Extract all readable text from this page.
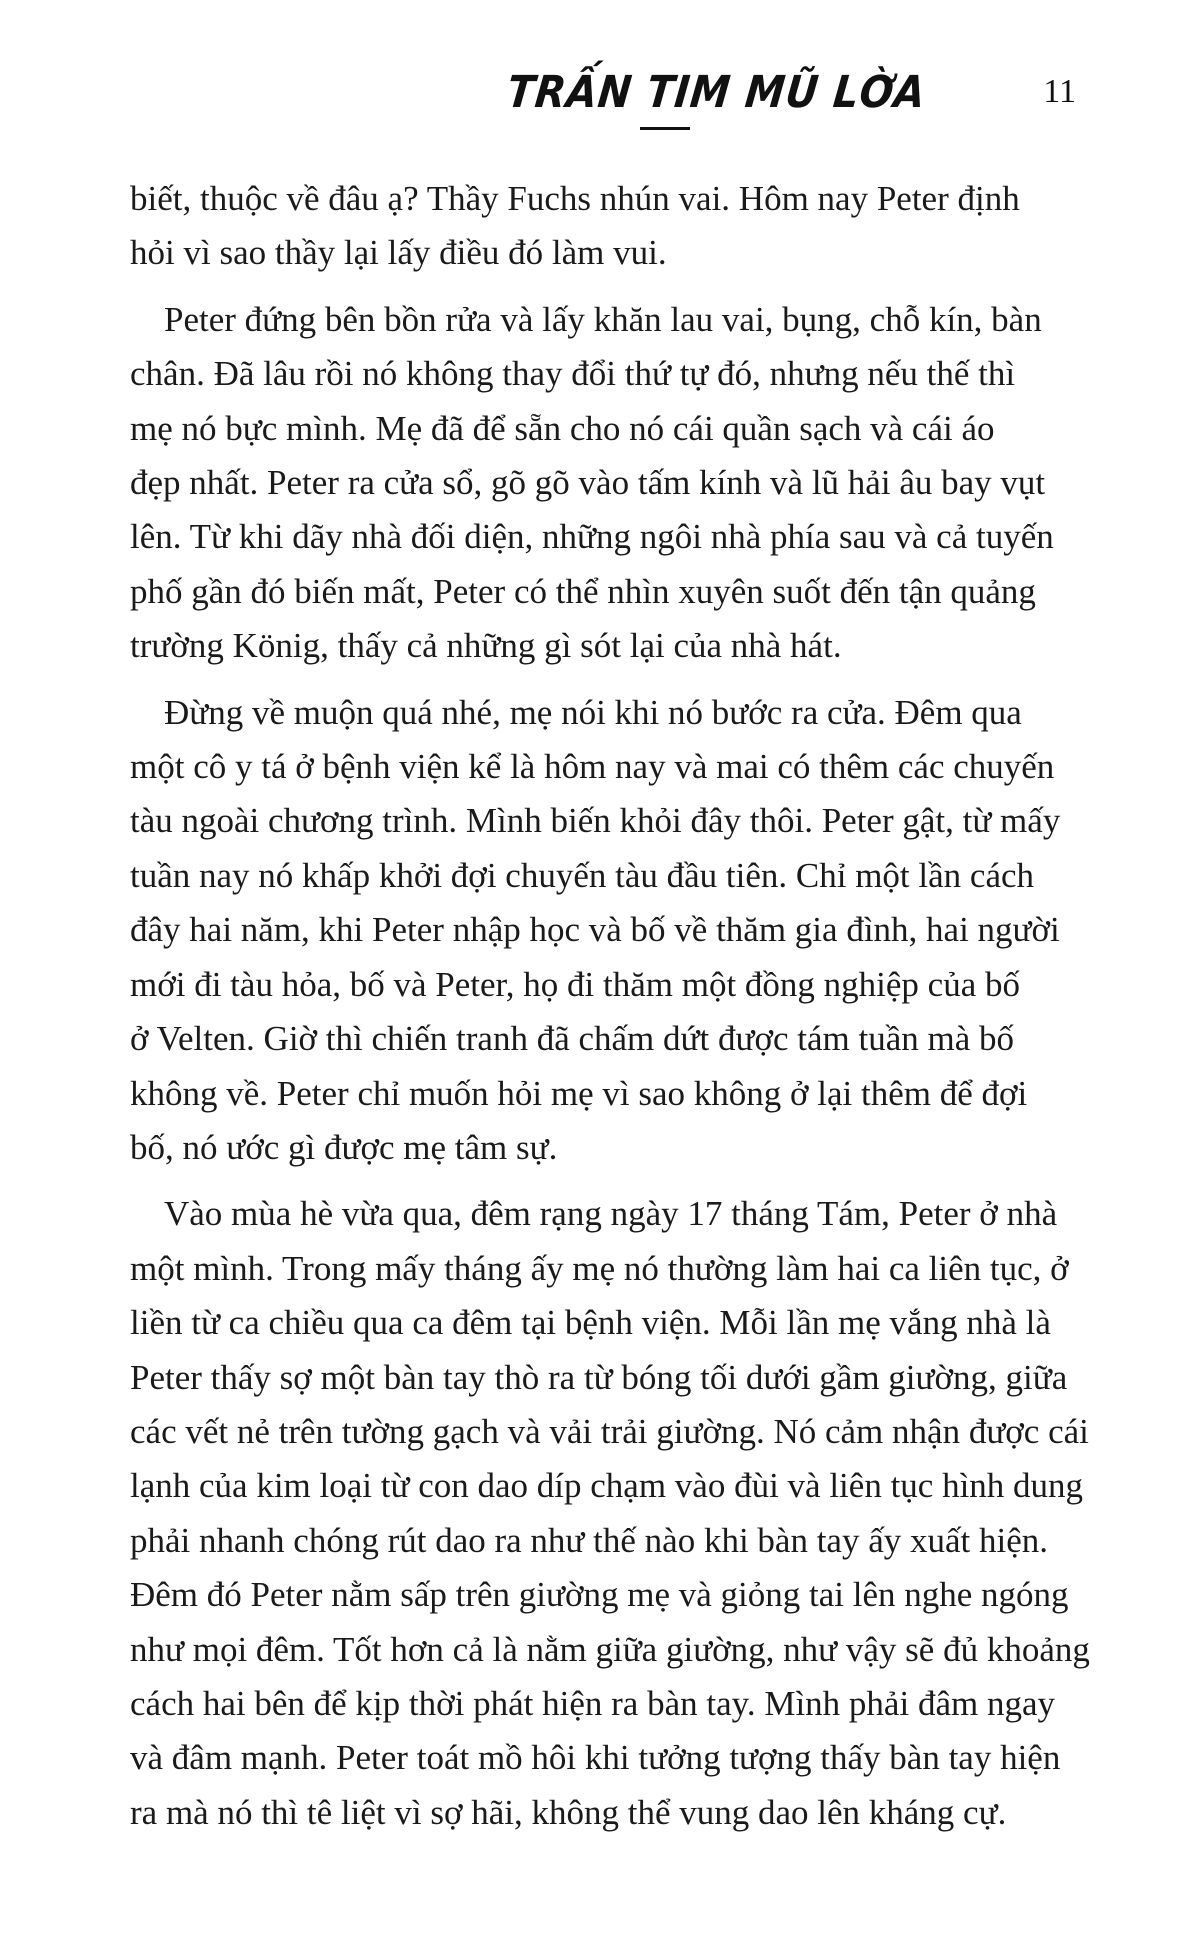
TRẤN TIM MŨ LỜA	11

biết, thuộc về đâu ạ? Thầy Fuchs nhún vai. Hôm nay Peter định
hỏi vì sao thầy lại lấy điều đó làm vui.

Peter đứng bên bồn rửa và lấy khăn lau vai, bụng, chỗ kín, bàn
chân. Đã lâu rồi nó không thay đổi thứ tự đó, nhưng nếu thế thì
mẹ nó bực mình. Mẹ đã để sẵn cho nó cái quần sạch và cái áo
đẹp nhất. Peter ra cửa sổ, gõ gõ vào tấm kính và lũ hải âu bay vụt
lên. Từ khi dãy nhà đối diện, những ngôi nhà phía sau và cả tuyến
phố gần đó biến mất, Peter có thể nhìn xuyên suốt đến tận quảng
trường König, thấy cả những gì sót lại của nhà hát.

Đừng về muộn quá nhé, mẹ nói khi nó bước ra cửa. Đêm qua
một cô y tá ở bệnh viện kể là hôm nay và mai có thêm các chuyến
tàu ngoài chương trình. Mình biến khỏi đây thôi. Peter gật, từ mấy
tuần nay nó khấp khởi đợi chuyến tàu đầu tiên. Chỉ một lần cách
đây hai năm, khi Peter nhập học và bố về thăm gia đình, hai người
mới đi tàu hỏa, bố và Peter, họ đi thăm một đồng nghiệp của bố
ở Velten. Giờ thì chiến tranh đã chấm dứt được tám tuần mà bố
không về. Peter chỉ muốn hỏi mẹ vì sao không ở lại thêm để đợi
bố, nó ước gì được mẹ tâm sự.

Vào mùa hè vừa qua, đêm rạng ngày 17 tháng Tám, Peter ở nhà
một mình. Trong mấy tháng ấy mẹ nó thường làm hai ca liên tục, ở
liền từ ca chiều qua ca đêm tại bệnh viện. Mỗi lần mẹ vắng nhà là
Peter thấy sợ một bàn tay thò ra từ bóng tối dưới gầm giường, giữa
các vết nẻ trên tường gạch và vải trải giường. Nó cảm nhận được cái
lạnh của kim loại từ con dao díp chạm vào đùi và liên tục hình dung
phải nhanh chóng rút dao ra như thế nào khi bàn tay ấy xuất hiện.
Đêm đó Peter nằm sấp trên giường mẹ và giỏng tai lên nghe ngóng
như mọi đêm. Tốt hơn cả là nằm giữa giường, như vậy sẽ đủ khoảng
cách hai bên để kịp thời phát hiện ra bàn tay. Mình phải đâm ngay
và đâm mạnh. Peter toát mồ hôi khi tưởng tượng thấy bàn tay hiện
ra mà nó thì tê liệt vì sợ hãi, không thể vung dao lên kháng cự.
